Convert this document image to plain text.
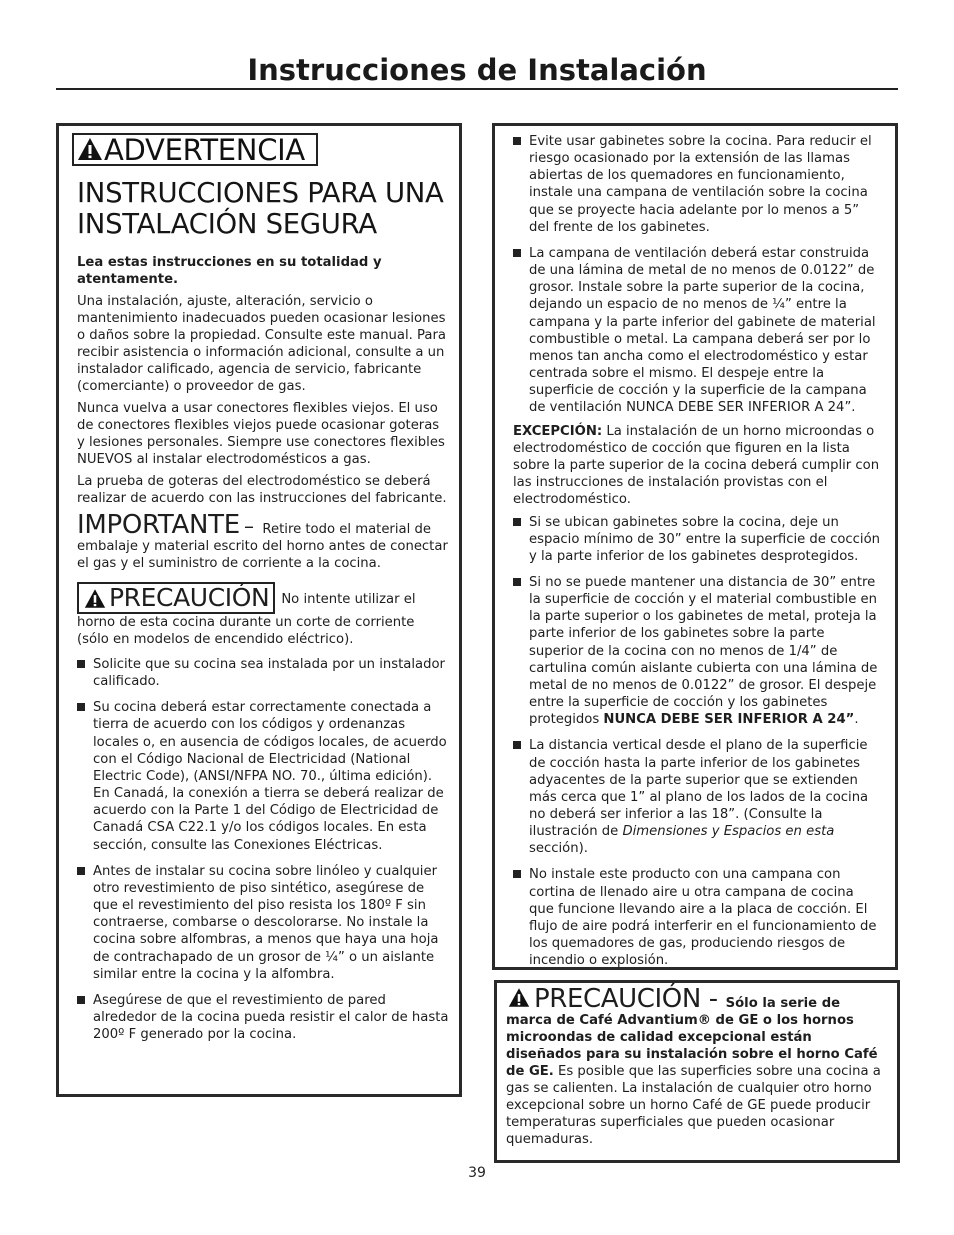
Instrucciones de Instalación
ADVERTENCIA
INSTRUCCIONES PARA UNA
INSTALACIÓN SEGURA

Lea estas instrucciones en su totalidad y atentamente.

Una instalación, ajuste, alteración, servicio o mantenimiento inadecuados pueden ocasionar lesiones o daños sobre la propiedad. Consulte este manual. Para recibir asistencia o información adicional, consulte a un instalador calificado, agencia de servicio, fabricante (comerciante) o proveedor de gas.

Nunca vuelva a usar conectores flexibles viejos. El uso de conectores flexibles viejos puede ocasionar goteras y lesiones personales. Siempre use conectores flexibles NUEVOS al instalar electrodomésticos a gas.

La prueba de goteras del electrodoméstico se deberá realizar de acuerdo con las instrucciones del fabricante.

IMPORTANTE – Retire todo el material de embalaje y material escrito del horno antes de conectar el gas y el suministro de corriente a la cocina.

PRECAUCIÓN No intente utilizar el horno de esta cocina durante un corte de corriente (sólo en modelos de encendido eléctrico).

Solicite que su cocina sea instalada por un instalador calificado.
Su cocina deberá estar correctamente conectada a tierra de acuerdo con los códigos y ordenanzas locales o, en ausencia de códigos locales, de acuerdo con el Código Nacional de Electricidad (National Electric Code), (ANSI/NFPA NO. 70., última edición). En Canadá, la conexión a tierra se deberá realizar de acuerdo con la Parte 1 del Código de Electricidad de Canadá CSA C22.1 y/o los códigos locales. En esta sección, consulte las Conexiones Eléctricas.
Antes de instalar su cocina sobre linóleo y cualquier otro revestimiento de piso sintético, asegúrese de que el revestimiento del piso resista los 180º F sin contraerse, combarse o descolorarse. No instale la cocina sobre alfombras, a menos que haya una hoja de contrachapado de un grosor de ¼” o un aislante similar entre la cocina y la alfombra.
Asegúrese de que el revestimiento de pared alrededor de la cocina pueda resistir el calor de hasta 200º F generado por la cocina.
Evite usar gabinetes sobre la cocina. Para reducir el riesgo ocasionado por la extensión de las llamas abiertas de los quemadores en funcionamiento, instale una campana de ventilación sobre la cocina que se proyecte hacia adelante por lo menos a 5” del frente de los gabinetes.
La campana de ventilación deberá estar construida de una lámina de metal de no menos de 0.0122” de grosor. Instale sobre la parte superior de la cocina, dejando un espacio de no menos de ¼” entre la campana y la parte inferior del gabinete de material combustible o metal. La campana deberá ser por lo menos tan ancha como el electrodoméstico y estar centrada sobre el mismo. El despeje entre la superficie de cocción y la superficie de la campana de ventilación NUNCA DEBE SER INFERIOR A 24”.

EXCEPCIÓN: La instalación de un horno microondas o electrodoméstico de cocción que figuren en la lista sobre la parte superior de la cocina deberá cumplir con las instrucciones de instalación provistas con el electrodoméstico.

Si se ubican gabinetes sobre la cocina, deje un espacio mínimo de 30” entre la superficie de cocción y la parte inferior de los gabinetes desprotegidos.
Si no se puede mantener una distancia de 30” entre la superficie de cocción y el material combustible en la parte superior o los gabinetes de metal, proteja la parte inferior de los gabinetes sobre la parte superior de la cocina con no menos de 1/4” de cartulina común aislante cubierta con una lámina de metal de no menos de 0.0122” de grosor. El despeje entre la superficie de cocción y los gabinetes protegidos NUNCA DEBE SER INFERIOR A 24”.
La distancia vertical desde el plano de la superficie de cocción hasta la parte inferior de los gabinetes adyacentes de la parte superior que se extienden más cerca que 1” al plano de los lados de la cocina no deberá ser inferior a las 18”. (Consulte la ilustración de Dimensiones y Espacios en esta sección).
No instale este producto con una campana con cortina de llenado aire u otra campana de cocina que funcione llevando aire a la placa de cocción. El flujo de aire podrá interferir en el funcionamiento de los quemadores de gas, produciendo riesgos de incendio o explosión.

PRECAUCIÓN - Sólo la serie de marca de Café Advantium® de GE o los hornos microondas de calidad excepcional están diseñados para su instalación sobre el horno Café de GE. Es posible que las superficies sobre una cocina a gas se calienten. La instalación de cualquier otro horno excepcional sobre un horno Café de GE puede producir temperaturas superficiales que pueden ocasionar quemaduras.

39
